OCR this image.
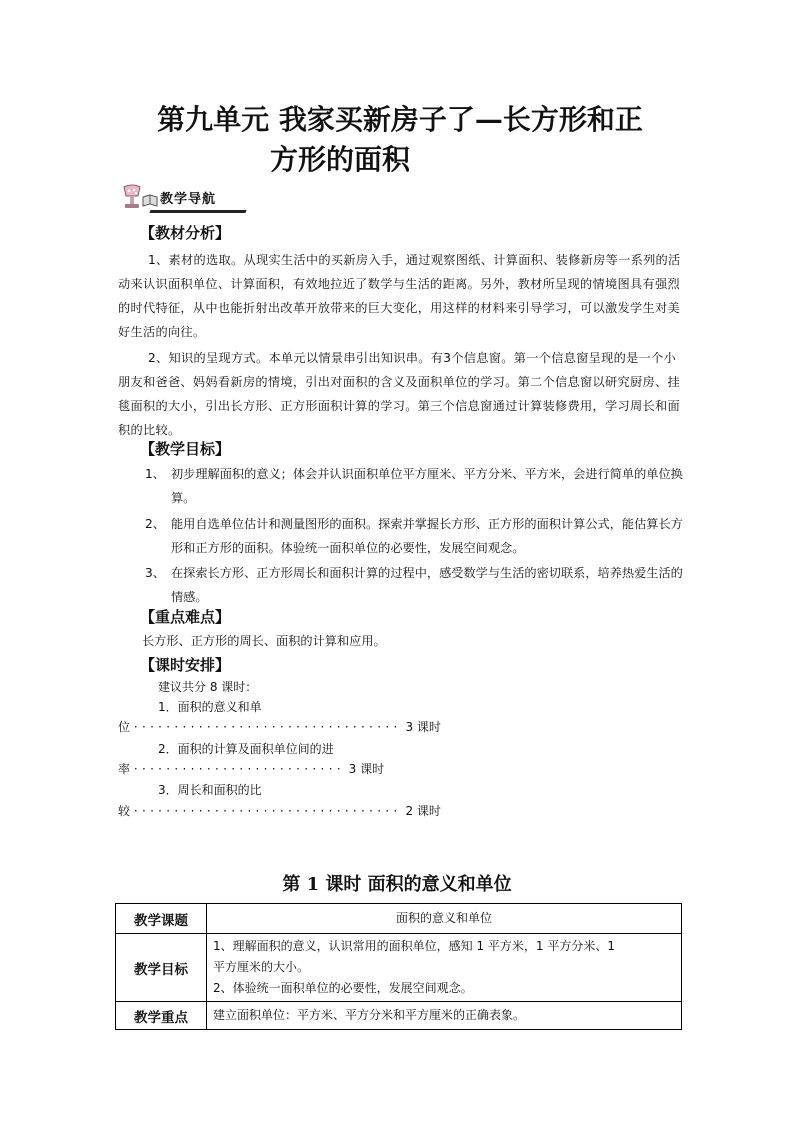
第九单元 我家买新房子了—长方形和正
方形的面积
教学导航
【教材分析】
1、素材的选取。从现实生活中的买新房入手，通过观察图纸、计算面积、装修新房等一系列的活动来认识面积单位、计算面积，有效地拉近了数学与生活的距离。另外，教材所呈现的情境图具有强烈的时代特征，从中也能折射出改革开放带来的巨大变化，用这样的材料来引导学习，可以激发学生对美好生活的向往。
2、知识的呈现方式。本单元以情景串引出知识串。有3个信息窗。第一个信息窗呈现的是一个小朋友和爸爸、妈妈看新房的情境，引出对面积的含义及面积单位的学习。第二个信息窗以研究厨房、挂毯面积的大小，引出长方形、正方形面积计算的学习。第三个信息窗通过计算装修费用，学习周长和面积的比较。
【教学目标】
1、 初步理解面积的意义；体会并认识面积单位平方厘米、平方分米、平方米，会进行简单的单位换算。
2、 能用自选单位估计和测量图形的面积。探索并掌握长方形、正方形的面积计算公式，能估算长方形和正方形的面积。体验统一面积单位的必要性，发展空间观念。
3、 在探索长方形、正方形周长和面积计算的过程中，感受数学与生活的密切联系，培养热爱生活的情感。
【重点难点】
长方形、正方形的周长、面积的计算和应用。
【课时安排】
建议共分 8 课时：
1．面积的意义和单
位 ································· 3 课时
2．面积的计算及面积单位间的进
率 ·························· 3 课时
3．周长和面积的比
较 ································· 2 课时
第 1 课时 面积的意义和单位
教学课题	面积的意义和单位

教学目标	1、理解面积的意义，认识常用的面积单位，感知 1 平方米，1 平方分米、1
平方厘米的大小。
2、体验统一面积单位的必要性，发展空间观念。

教学重点	建立面积单位：平方米、平方分米和平方厘米的正确表象。
